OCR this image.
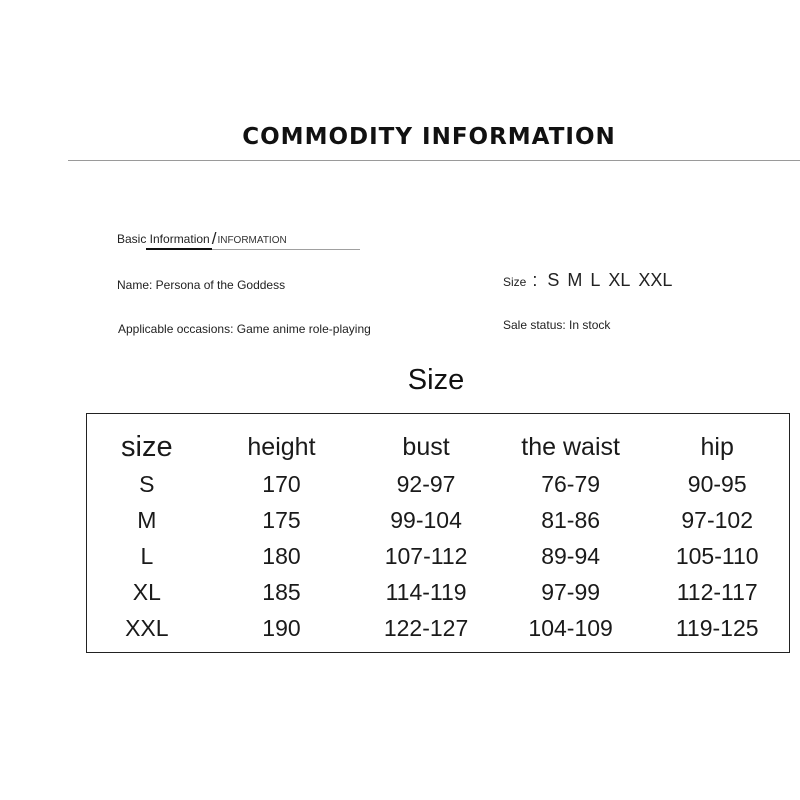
COMMODITY INFORMATION
Basic Information /INFORMATION
Name: Persona of the Goddess
Applicable occasions: Game anime role-playing
Size : S M L XL XXL
Sale status: In stock
Size
size	height	bust	the waist	hip
S	170	92-97	76-79	90-95
M	175	99-104	81-86	97-102
L	180	107-112	89-94	105-110
XL	185	114-119	97-99	112-117
XXL	190	122-127	104-109	119-125
